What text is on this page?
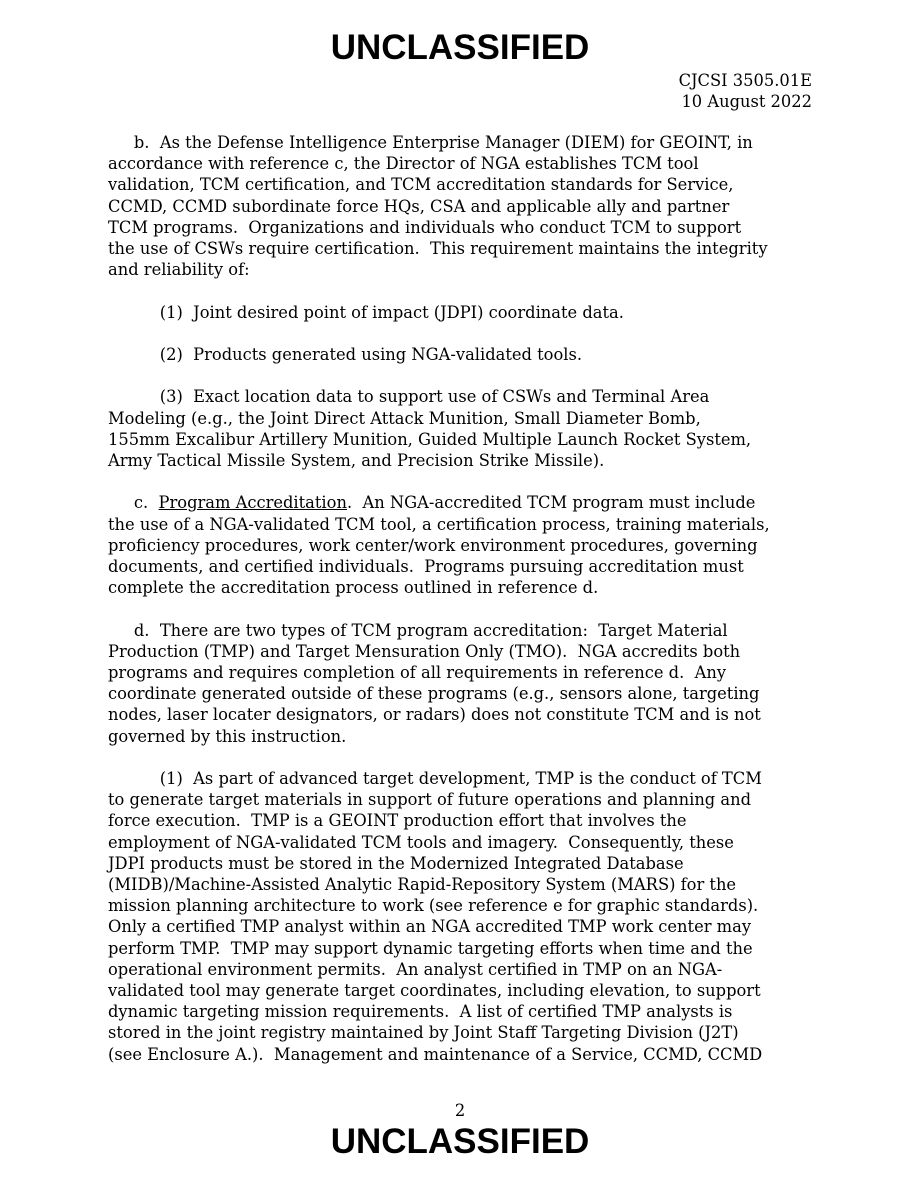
UNCLASSIFIED
CJCSI 3505.01E
10 August 2022

b.  As the Defense Intelligence Enterprise Manager (DIEM) for GEOINT, in
accordance with reference c, the Director of NGA establishes TCM tool
validation, TCM certification, and TCM accreditation standards for Service,
CCMD, CCMD subordinate force HQs, CSA and applicable ally and partner
TCM programs.  Organizations and individuals who conduct TCM to support
the use of CSWs require certification.  This requirement maintains the integrity
and reliability of:

(1)  Joint desired point of impact (JDPI) coordinate data.

(2)  Products generated using NGA-validated tools.

(3)  Exact location data to support use of CSWs and Terminal Area
Modeling (e.g., the Joint Direct Attack Munition, Small Diameter Bomb,
155mm Excalibur Artillery Munition, Guided Multiple Launch Rocket System,
Army Tactical Missile System, and Precision Strike Missile).

c.  Program Accreditation.  An NGA-accredited TCM program must include
the use of a NGA-validated TCM tool, a certification process, training materials,
proficiency procedures, work center/work environment procedures, governing
documents, and certified individuals.  Programs pursuing accreditation must
complete the accreditation process outlined in reference d.

d.  There are two types of TCM program accreditation:  Target Material
Production (TMP) and Target Mensuration Only (TMO).  NGA accredits both
programs and requires completion of all requirements in reference d.  Any
coordinate generated outside of these programs (e.g., sensors alone, targeting
nodes, laser locater designators, or radars) does not constitute TCM and is not
governed by this instruction.

(1)  As part of advanced target development, TMP is the conduct of TCM
to generate target materials in support of future operations and planning and
force execution.  TMP is a GEOINT production effort that involves the
employment of NGA-validated TCM tools and imagery.  Consequently, these
JDPI products must be stored in the Modernized Integrated Database
(MIDB)/Machine-Assisted Analytic Rapid-Repository System (MARS) for the
mission planning architecture to work (see reference e for graphic standards).
Only a certified TMP analyst within an NGA accredited TMP work center may
perform TMP.  TMP may support dynamic targeting efforts when time and the
operational environment permits.  An analyst certified in TMP on an NGA-
validated tool may generate target coordinates, including elevation, to support
dynamic targeting mission requirements.  A list of certified TMP analysts is
stored in the joint registry maintained by Joint Staff Targeting Division (J2T)
(see Enclosure A.).  Management and maintenance of a Service, CCMD, CCMD

2
UNCLASSIFIED
